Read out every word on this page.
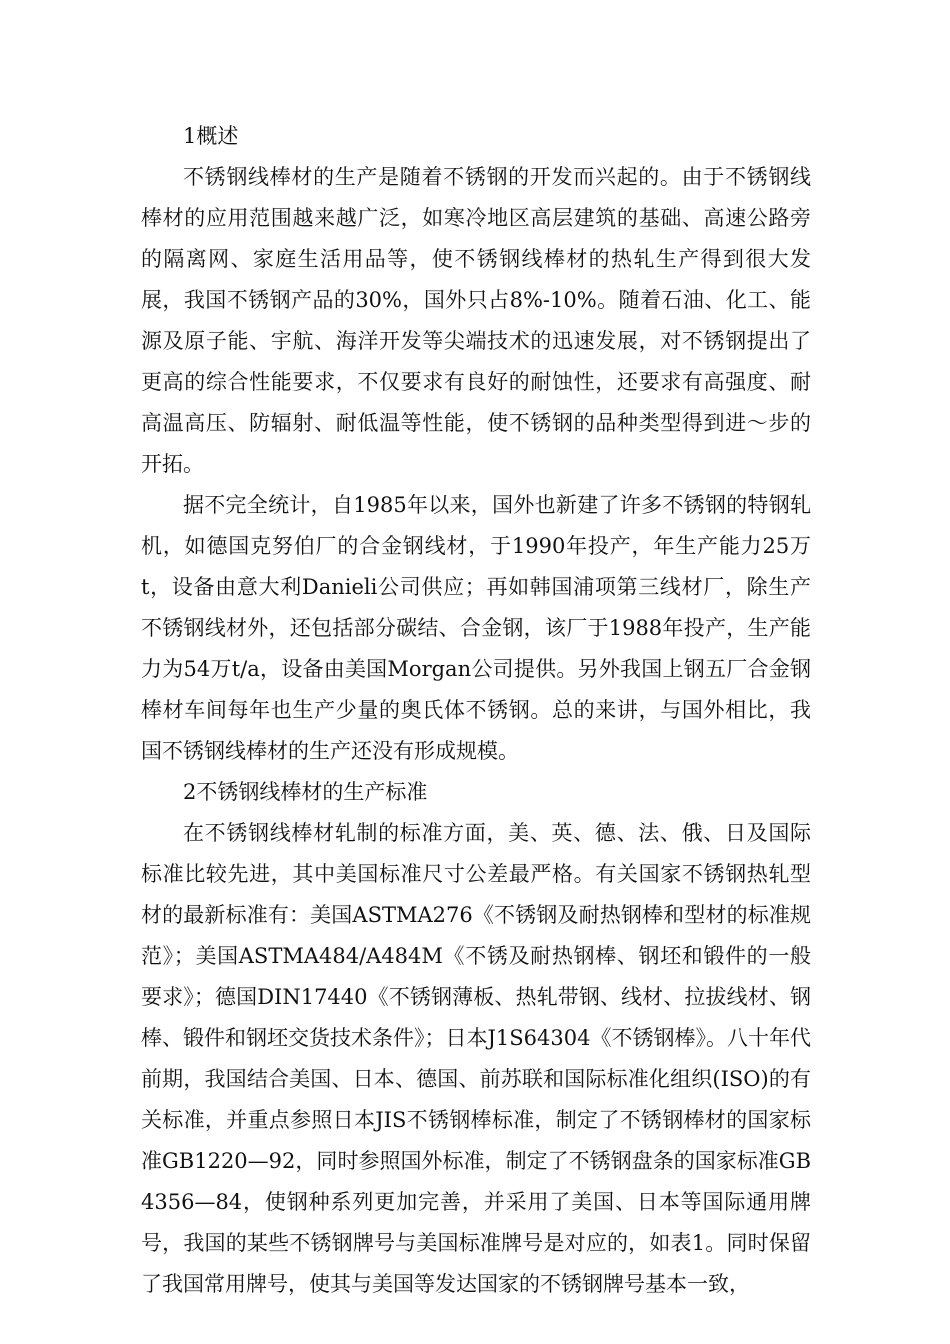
1概述

不锈钢线棒材的生产是随着不锈钢的开发而兴起的。由于不锈钢线棒材的应用范围越来越广泛，如寒冷地区高层建筑的基础、高速公路旁的隔离网、家庭生活用品等，使不锈钢线棒材的热轧生产得到很大发展，我国不锈钢产品的30%，国外只占8%-10%。随着石油、化工、能源及原子能、宇航、海洋开发等尖端技术的迅速发展，对不锈钢提出了更高的综合性能要求，不仅要求有良好的耐蚀性，还要求有高强度、耐高温高压、防辐射、耐低温等性能，使不锈钢的品种类型得到进～步的开拓。

据不完全统计，自1985年以来，国外也新建了许多不锈钢的特钢轧机，如德国克努伯厂的合金钢线材，于1990年投产，年生产能力25万t，设备由意大利Danieli公司供应；再如韩国浦项第三线材厂，除生产不锈钢线材外，还包括部分碳结、合金钢，该厂于1988年投产，生产能力为54万t/a，设备由美国Morgan公司提供。另外我国上钢五厂合金钢棒材车间每年也生产少量的奥氏体不锈钢。总的来讲，与国外相比，我国不锈钢线棒材的生产还没有形成规模。

2不锈钢线棒材的生产标准

在不锈钢线棒材轧制的标准方面，美、英、德、法、俄、日及国际标准比较先进，其中美国标准尺寸公差最严格。有关国家不锈钢热轧型材的最新标准有：美国ASTMA276《不锈钢及耐热钢棒和型材的标准规范》；美国ASTMA484/A484M《不锈及耐热钢棒、钢坯和锻件的一般要求》；德国DIN17440《不锈钢薄板、热轧带钢、线材、拉拔线材、钢棒、锻件和钢坯交货技术条件》；日本J1S64304《不锈钢棒》。八十年代前期，我国结合美国、日本、德国、前苏联和国际标准化组织(ISO)的有关标准，并重点参照日本JIS不锈钢棒标准，制定了不锈钢棒材的国家标准GB1220—92，同时参照国外标准，制定了不锈钢盘条的国家标准GB4356—84，使钢种系列更加完善，并采用了美国、日本等国际通用牌号，我国的某些不锈钢牌号与美国标准牌号是对应的，如表1。同时保留了我国常用牌号，使其与美国等发达国家的不锈钢牌号基本一致，
